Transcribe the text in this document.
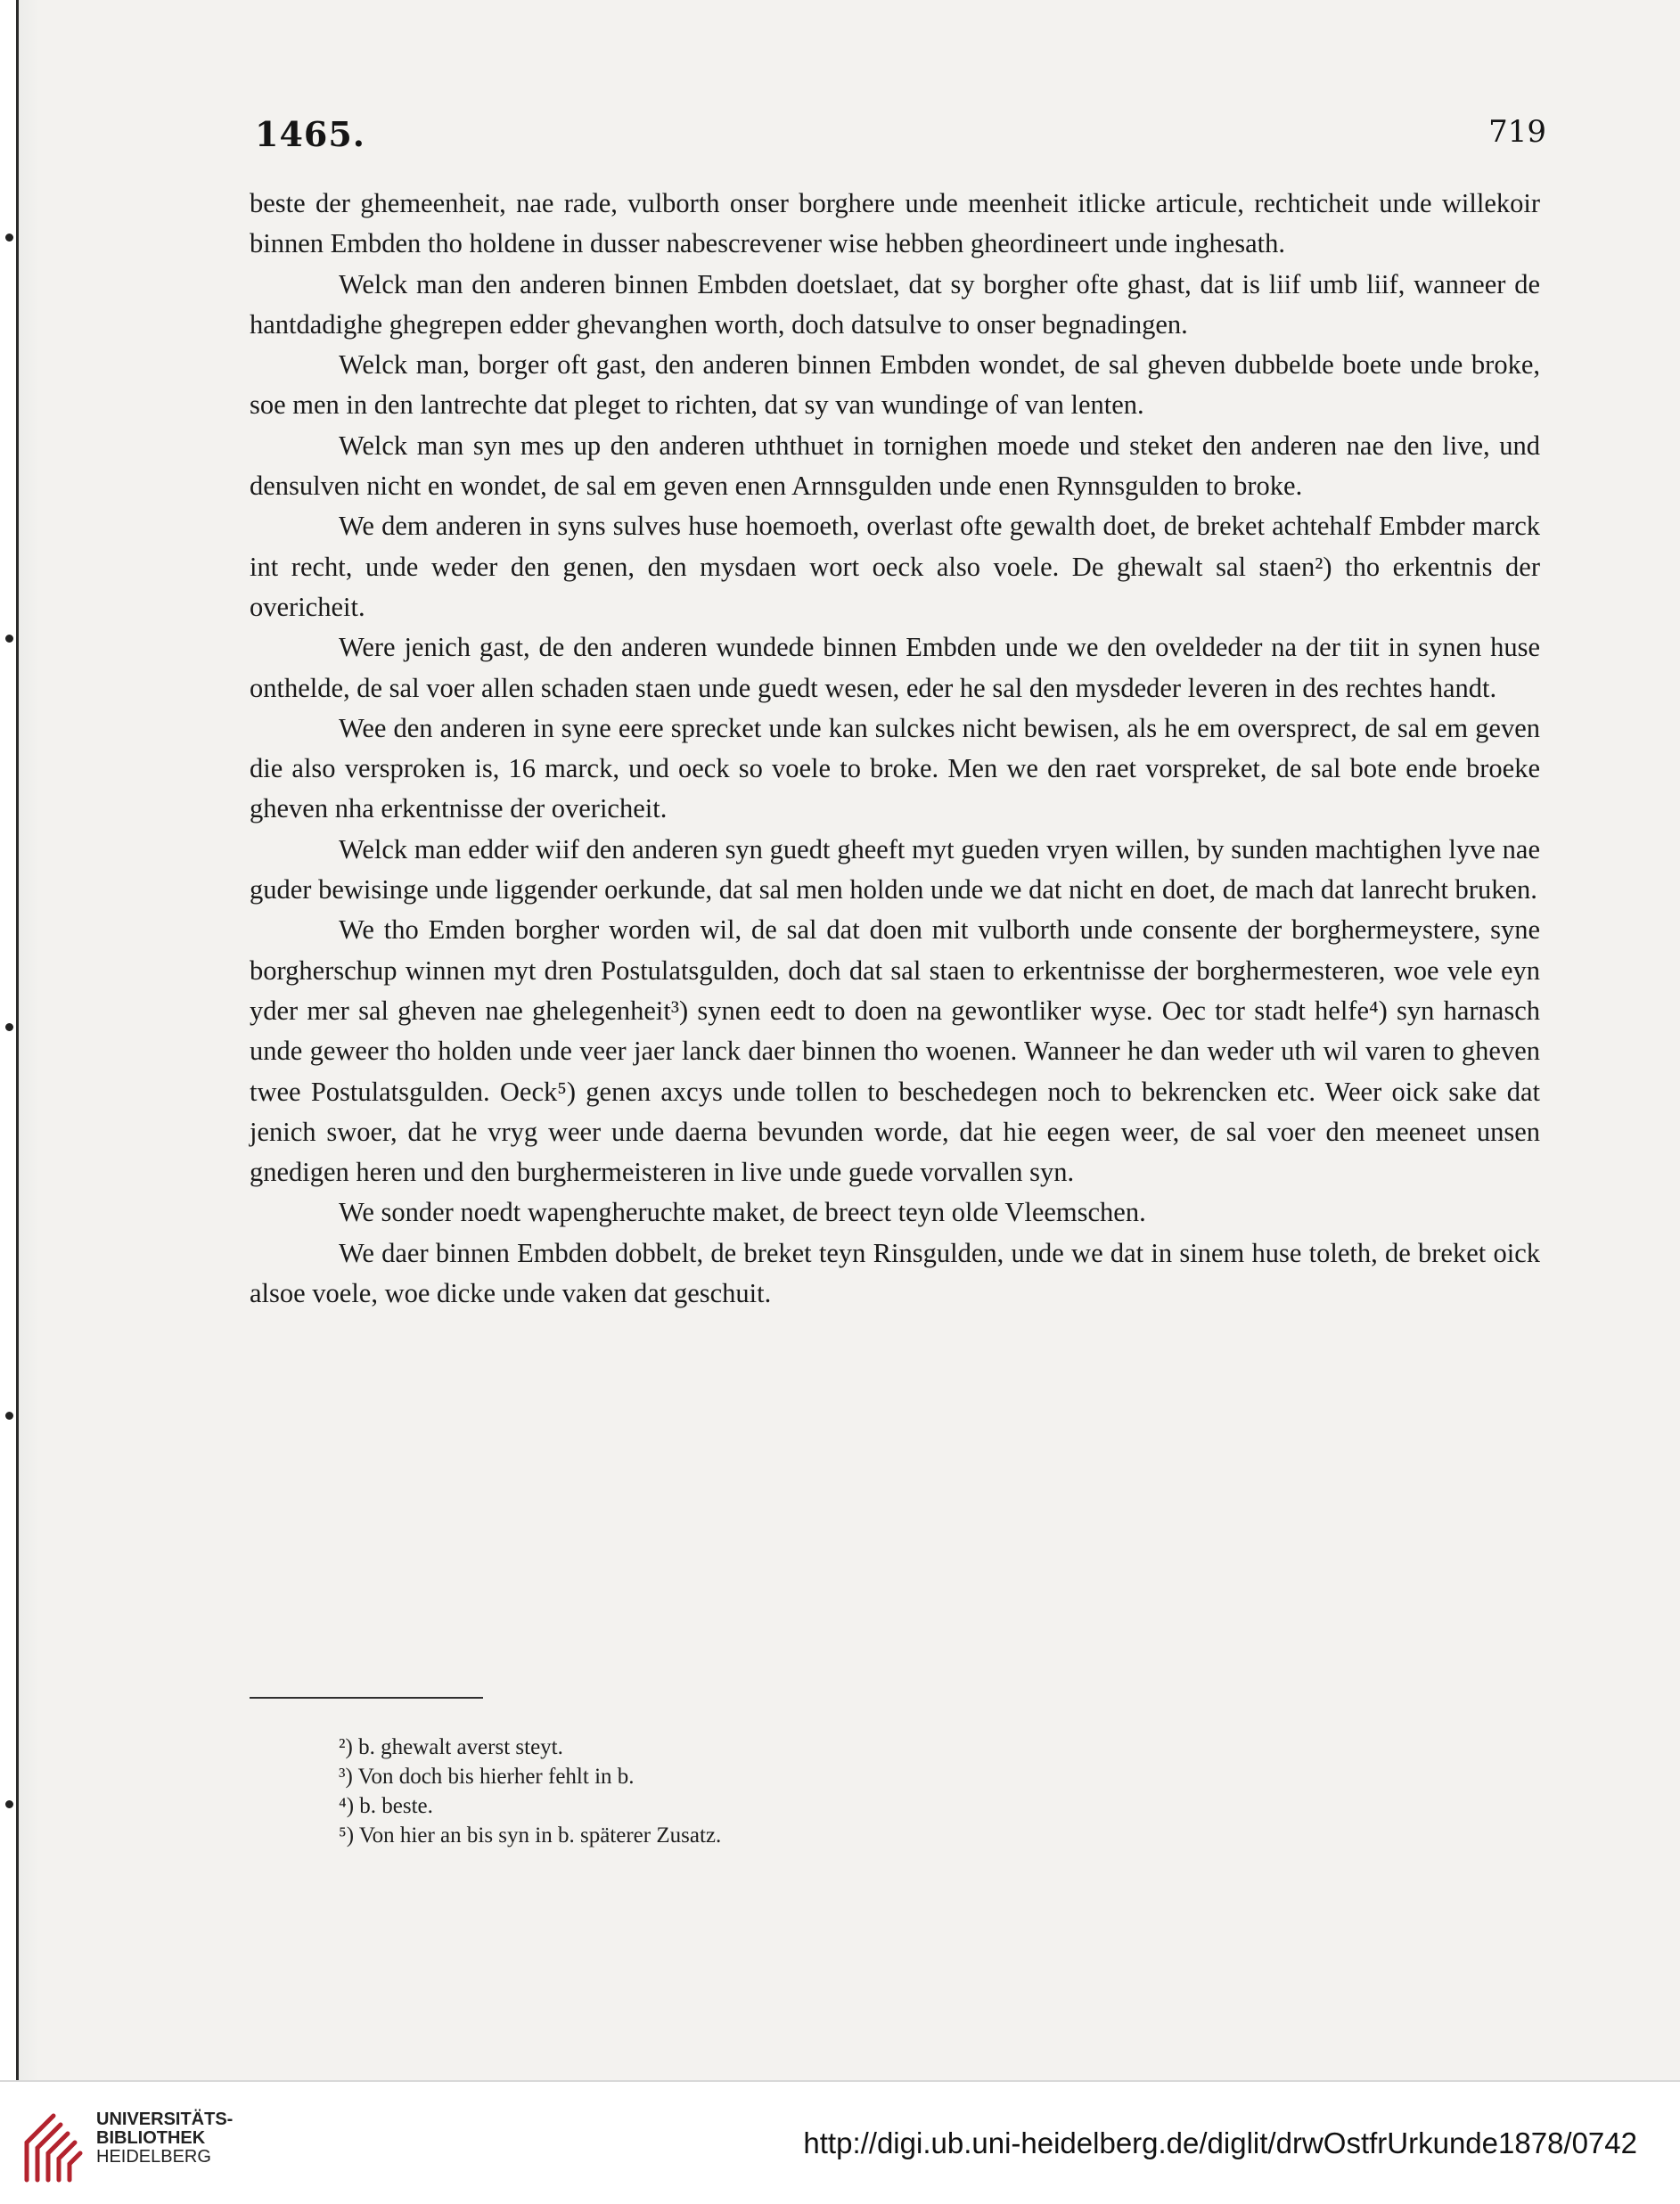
1465.	719

beste der ghemeenheit, nae rade, vulborth onser borghere unde meenheit itlicke articule, rechticheit unde willekoir binnen Embden tho holdene in dusser nabescrevener wise hebben gheordineert unde inghesath.

Welck man den anderen binnen Embden doetslaet, dat sy borgher ofte ghast, dat is liif umb liif, wanneer de hantdadighe ghegrepen edder ghevanghen worth, doch datsulve to onser begnadingen.

Welck man, borger oft gast, den anderen binnen Embden wondet, de sal gheven dubbelde boete unde broke, soe men in den lantrechte dat pleget to richten, dat sy van wundinge of van lenten.

Welck man syn mes up den anderen uththuet in tornighen moede und steket den anderen nae den live, und densulven nicht en wondet, de sal em geven enen Arnnsgulden unde enen Rynnsgulden to broke.

We dem anderen in syns sulves huse hoemoeth, overlast ofte gewalth doet, de breket achtehalf Embder marck int recht, unde weder den genen, den mysdaen wort oeck also voele. De ghewalt sal staen²) tho erkentnis der overicheit.

Were jenich gast, de den anderen wundede binnen Embden unde we den oveldeder na der tiit in synen huse onthelde, de sal voer allen schaden staen unde guedt wesen, eder he sal den mysdeder leveren in des rechtes handt.

Wee den anderen in syne eere sprecket unde kan sulckes nicht bewisen, als he em oversprect, de sal em geven die also versproken is, 16 marck, und oeck so voele to broke. Men we den raet vorspreket, de sal bote ende broeke gheven nha erkentnisse der overicheit.

Welck man edder wiif den anderen syn guedt gheeft myt gueden vryen willen, by sunden machtighen lyve nae guder bewisinge unde liggender oerkunde, dat sal men holden unde we dat nicht en doet, de mach dat lanrecht bruken.

We tho Emden borgher worden wil, de sal dat doen mit vulborth unde consente der borghermeystere, syne borgherschup winnen myt dren Postulatsgulden, doch dat sal staen to erkentnisse der borghermesteren, woe vele eyn yder mer sal gheven nae ghelegenheit³) synen eedt to doen na gewontliker wyse. Oec tor stadt helfe⁴) syn harnasch unde geweer tho holden unde veer jaer lanck daer binnen tho woenen. Wanneer he dan weder uth wil varen to gheven twee Postulatsgulden. Oeck⁵) genen axcys unde tollen to beschedegen noch to bekrencken etc. Weer oick sake dat jenich swoer, dat he vryg weer unde daerna bevunden worde, dat hie eegen weer, de sal voer den meeneet unsen gnedigen heren und den burghermeisteren in live unde guede vorvallen syn.

We sonder noedt wapengheruchte maket, de breect teyn olde Vleemschen.

We daer binnen Embden dobbelt, de breket teyn Rinsgulden, unde we dat in sinem huse toleth, de breket oick alsoe voele, woe dicke unde vaken dat geschuit.

²) b. ghewalt averst steyt.
³) Von doch bis hierher fehlt in b.
⁴) b. beste.
⁵) Von hier an bis syn in b. späterer Zusatz.
UNIVERSITÄTS-
BIBLIOTHEK
HEIDELBERG	http://digi.ub.uni-heidelberg.de/diglit/drwOstfrUrkunde1878/0742
